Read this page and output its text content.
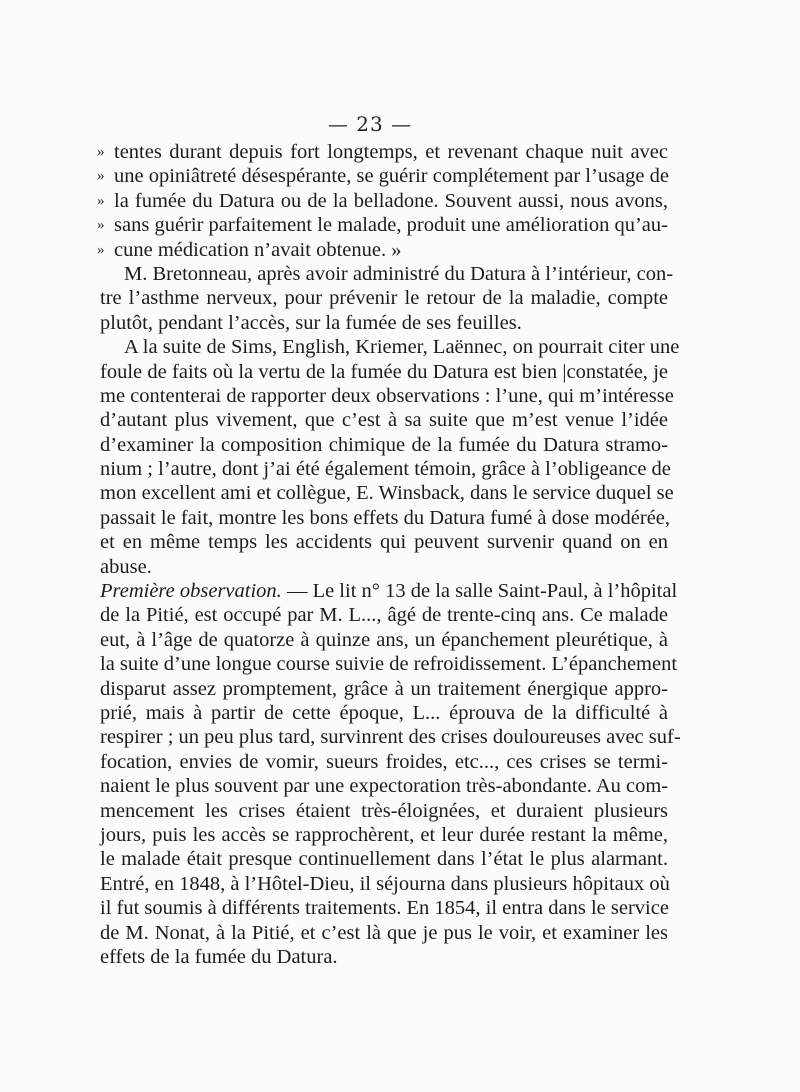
— 23 —
» tentes durant depuis fort longtemps, et revenant chaque nuit avec
» une opiniâtreté désespérante, se guérir complétement par l’usage de
» la fumée du Datura ou de la belladone. Souvent aussi, nous avons,
» sans guérir parfaitement le malade, produit une amélioration qu’au-
» cune médication n’avait obtenue. »
M. Bretonneau, après avoir administré du Datura à l’intérieur, con-
tre l’asthme nerveux, pour prévenir le retour de la maladie, compte
plutôt, pendant l’accès, sur la fumée de ses feuilles.
A la suite de Sims, English, Kriemer, Laënnec, on pourrait citer une
foule de faits où la vertu de la fumée du Datura est bien |constatée, je
me contenterai de rapporter deux observations : l’une, qui m’intéresse
d’autant plus vivement, que c’est à sa suite que m’est venue l’idée
d’examiner la composition chimique de la fumée du Datura stramo-
nium ; l’autre, dont j’ai été également témoin, grâce à l’obligeance de
mon excellent ami et collègue, E. Winsback, dans le service duquel se
passait le fait, montre les bons effets du Datura fumé à dose modérée,
et en même temps les accidents qui peuvent survenir quand on en
abuse.
Première observation. — Le lit n° 13 de la salle Saint-Paul, à l’hôpital
de la Pitié, est occupé par M. L..., âgé de trente-cinq ans. Ce malade
eut, à l’âge de quatorze à quinze ans, un épanchement pleurétique, à
la suite d’une longue course suivie de refroidissement. L’épanchement
disparut assez promptement, grâce à un traitement énergique appro-
prié, mais à partir de cette époque, L... éprouva de la difficulté à
respirer ; un peu plus tard, survinrent des crises douloureuses avec suf-
focation, envies de vomir, sueurs froides, etc..., ces crises se termi-
naient le plus souvent par une expectoration très-abondante. Au com-
mencement les crises étaient très-éloignées, et duraient plusieurs
jours, puis les accès se rapprochèrent, et leur durée restant la même,
le malade était presque continuellement dans l’état le plus alarmant.
Entré, en 1848, à l’Hôtel-Dieu, il séjourna dans plusieurs hôpitaux où
il fut soumis à différents traitements. En 1854, il entra dans le service
de M. Nonat, à la Pitié, et c’est là que je pus le voir, et examiner les
effets de la fumée du Datura.
